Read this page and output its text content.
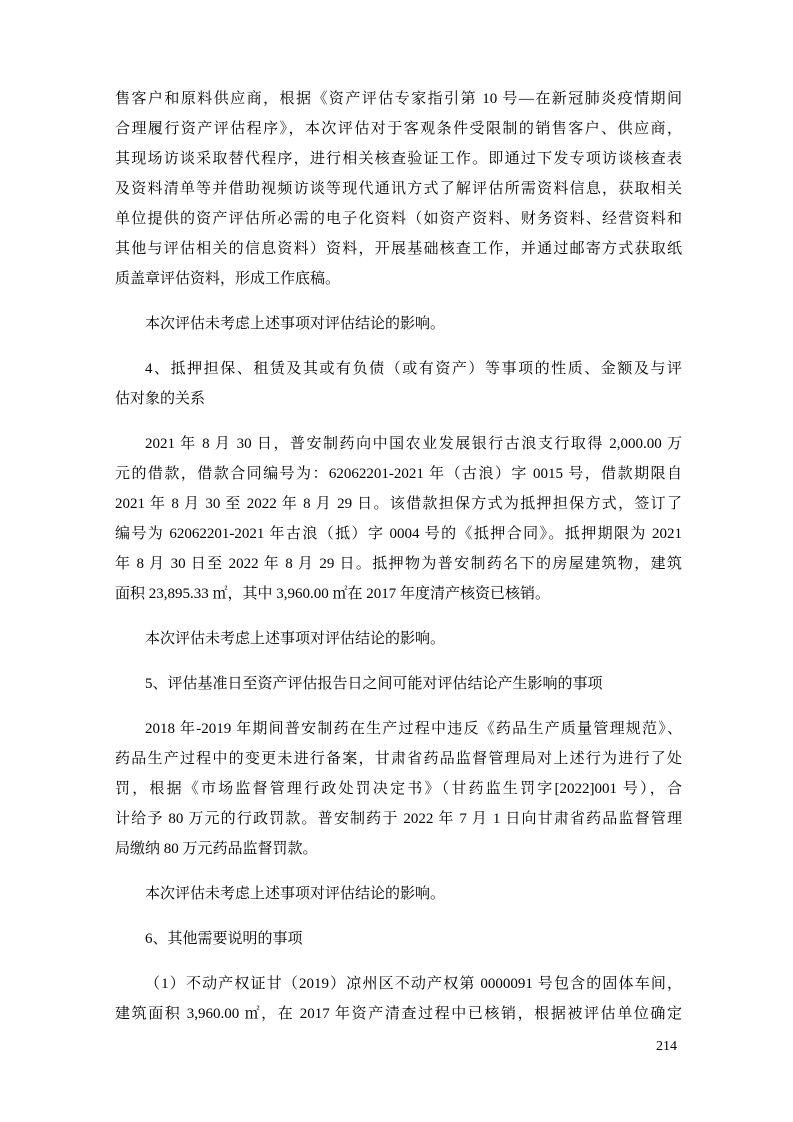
售客户和原料供应商，根据《资产评估专家指引第 10 号—在新冠肺炎疫情期间
合理履行资产评估程序》，本次评估对于客观条件受限制的销售客户、供应商，
其现场访谈采取替代程序，进行相关核查验证工作。即通过下发专项访谈核查表
及资料清单等并借助视频访谈等现代通讯方式了解评估所需资料信息，获取相关
单位提供的资产评估所必需的电子化资料（如资产资料、财务资料、经营资料和
其他与评估相关的信息资料）资料，开展基础核查工作，并通过邮寄方式获取纸
质盖章评估资料，形成工作底稿。
本次评估未考虑上述事项对评估结论的影响。
4、抵押担保、租赁及其或有负债（或有资产）等事项的性质、金额及与评
估对象的关系
2021 年 8 月 30 日，普安制药向中国农业发展银行古浪支行取得 2,000.00 万
元的借款，借款合同编号为：62062201-2021 年（古浪）字 0015 号，借款期限自
2021 年 8 月 30 至 2022 年 8 月 29 日。该借款担保方式为抵押担保方式，签订了
编号为 62062201-2021 年古浪（抵）字 0004 号的《抵押合同》。抵押期限为 2021
年 8 月 30 日至 2022 年 8 月 29 日。抵押物为普安制药名下的房屋建筑物，建筑
面积 23,895.33 ㎡，其中 3,960.00 ㎡在 2017 年度清产核资已核销。
本次评估未考虑上述事项对评估结论的影响。
5、评估基准日至资产评估报告日之间可能对评估结论产生影响的事项
2018 年-2019 年期间普安制药在生产过程中违反《药品生产质量管理规范》、
药品生产过程中的变更未进行备案，甘肃省药品监督管理局对上述行为进行了处
罚，根据《市场监督管理行政处罚决定书》（甘药监生罚字[2022]001 号），合
计给予 80 万元的行政罚款。普安制药于 2022 年 7 月 1 日向甘肃省药品监督管理
局缴纳 80 万元药品监督罚款。
本次评估未考虑上述事项对评估结论的影响。
6、其他需要说明的事项
（1）不动产权证甘（2019）凉州区不动产权第 0000091 号包含的固体车间，
建筑面积 3,960.00 ㎡，在 2017 年资产清查过程中已核销，根据被评估单位确定
214
